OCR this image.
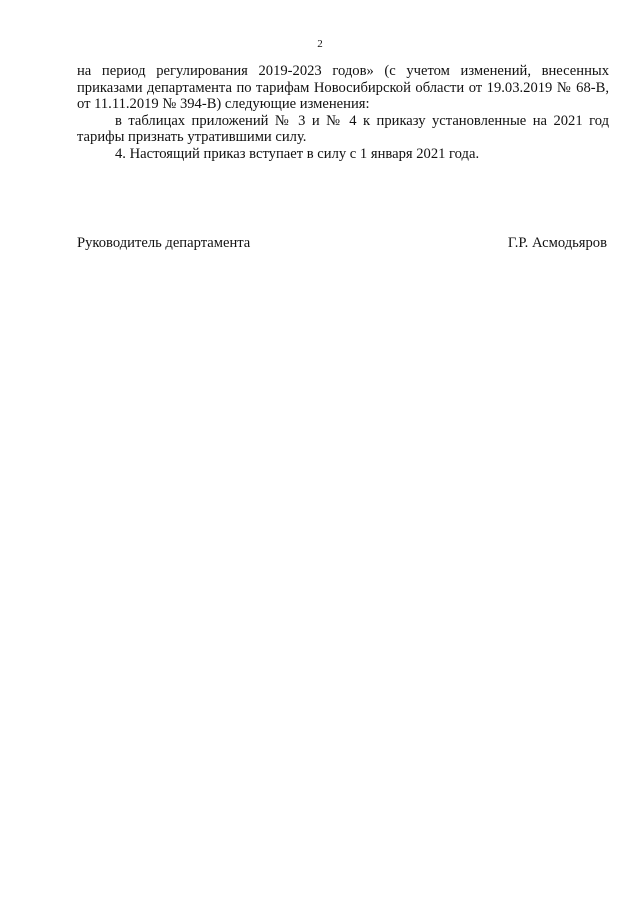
2

на период регулирования 2019-2023 годов» (с учетом изменений, внесенных приказами департамента по тарифам Новосибирской области от 19.03.2019 № 68-В, от 11.11.2019 № 394-В) следующие изменения:

в таблицах приложений № 3 и № 4 к приказу установленные на 2021 год тарифы признать утратившими силу.

4. Настоящий приказ вступает в силу с 1 января 2021 года.

Руководитель департамента	Г.Р. Асмодьяров
